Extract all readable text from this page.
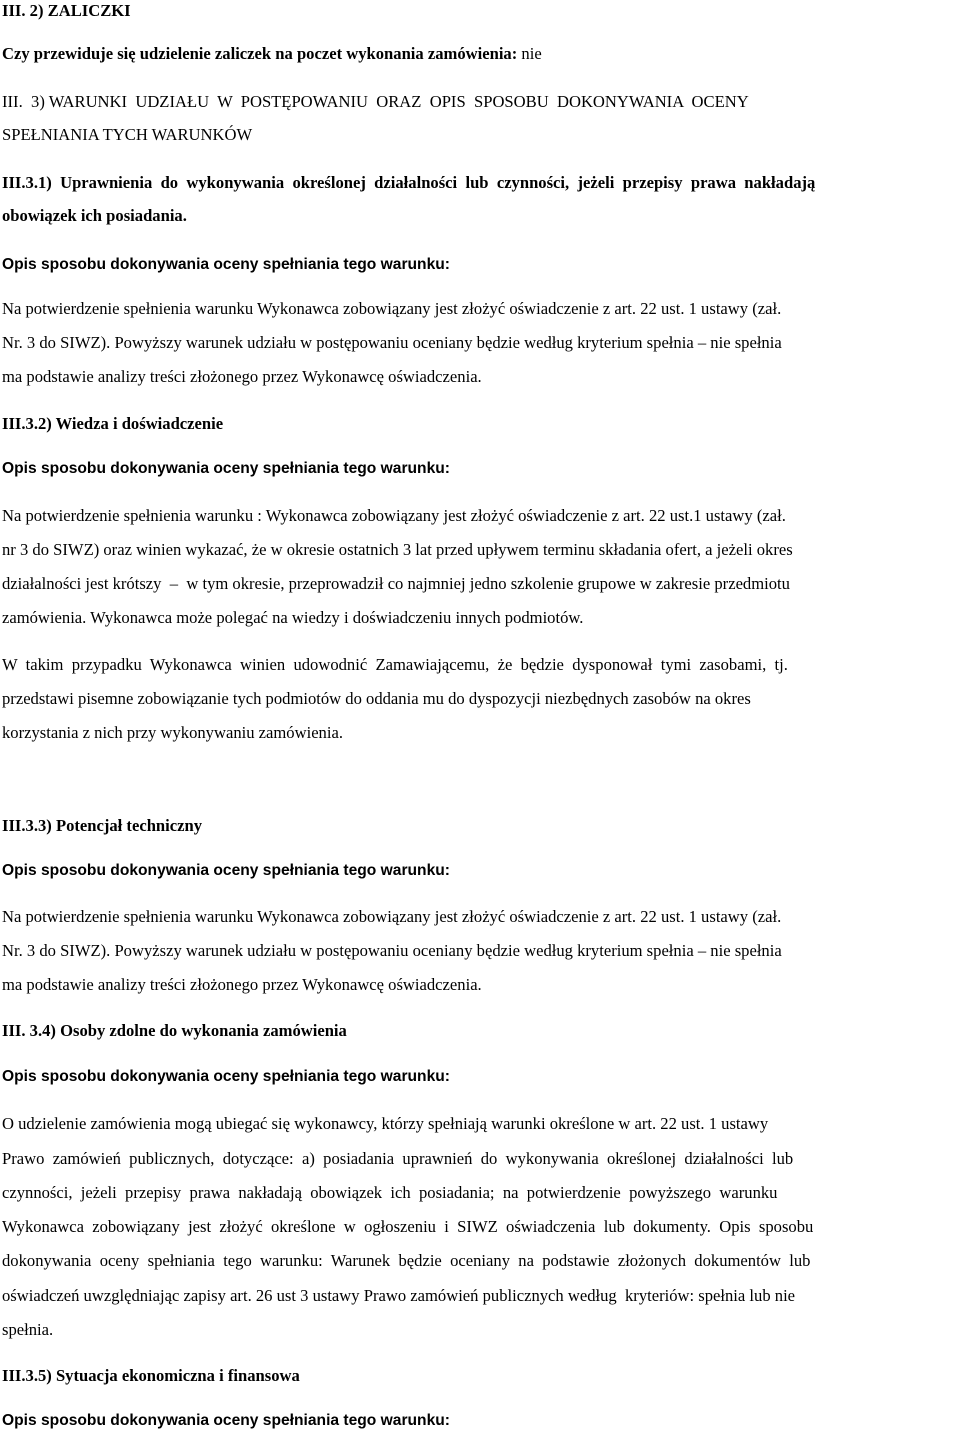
III. 2) ZALICZKI
Czy przewiduje się udzielenie zaliczek na poczet wykonania zamówienia: nie
III.  3) WARUNKI  UDZIAŁU  W  POSTĘPOWANIU  ORAZ  OPIS  SPOSOBU  DOKONYWANIA  OCENY
SPEŁNIANIA TYCH WARUNKÓW
III.3.1)  Uprawnienia  do  wykonywania  określonej  działalności  lub  czynności,  jeżeli  przepisy  prawa  nakładają
obowiązek ich posiadania.
Opis sposobu dokonywania oceny spełniania tego warunku:
Na potwierdzenie spełnienia warunku Wykonawca zobowiązany jest złożyć oświadczenie z art. 22 ust. 1 ustawy (zał.
Nr. 3 do SIWZ). Powyższy warunek udziału w postępowaniu oceniany będzie według kryterium spełnia – nie spełnia
ma podstawie analizy treści złożonego przez Wykonawcę oświadczenia.
III.3.2) Wiedza i doświadczenie
Opis sposobu dokonywania oceny spełniania tego warunku:
Na potwierdzenie spełnienia warunku : Wykonawca zobowiązany jest złożyć oświadczenie z art. 22 ust.1 ustawy (zał.
nr 3 do SIWZ) oraz winien wykazać, że w okresie ostatnich 3 lat przed upływem terminu składania ofert, a jeżeli okres
działalności jest krótszy  –  w tym okresie, przeprowadził co najmniej jedno szkolenie grupowe w zakresie przedmiotu
zamówienia. Wykonawca może polegać na wiedzy i doświadczeniu innych podmiotów.
W  takim  przypadku  Wykonawca  winien  udowodnić  Zamawiającemu,  że  będzie  dysponował  tymi  zasobami,  tj.
przedstawi pisemne zobowiązanie tych podmiotów do oddania mu do dyspozycji niezbędnych zasobów na okres
korzystania z nich przy wykonywaniu zamówienia.
III.3.3) Potencjał techniczny
Opis sposobu dokonywania oceny spełniania tego warunku:
Na potwierdzenie spełnienia warunku Wykonawca zobowiązany jest złożyć oświadczenie z art. 22 ust. 1 ustawy (zał.
Nr. 3 do SIWZ). Powyższy warunek udziału w postępowaniu oceniany będzie według kryterium spełnia – nie spełnia
ma podstawie analizy treści złożonego przez Wykonawcę oświadczenia.
III. 3.4) Osoby zdolne do wykonania zamówienia
Opis sposobu dokonywania oceny spełniania tego warunku:
O udzielenie zamówienia mogą ubiegać się wykonawcy, którzy spełniają warunki określone w art. 22 ust. 1 ustawy
Prawo  zamówień  publicznych,  dotyczące:  a)  posiadania  uprawnień  do  wykonywania  określonej  działalności  lub
czynności,  jeżeli  przepisy  prawa  nakładają  obowiązek  ich  posiadania;  na  potwierdzenie  powyższego  warunku
Wykonawca  zobowiązany  jest  złożyć  określone  w  ogłoszeniu  i  SIWZ  oświadczenia  lub  dokumenty.  Opis  sposobu
dokonywania  oceny  spełniania  tego  warunku:  Warunek  będzie  oceniany  na  podstawie  złożonych  dokumentów  lub
oświadczeń uwzględniając zapisy art. 26 ust 3 ustawy Prawo zamówień publicznych według  kryteriów: spełnia lub nie
spełnia.
III.3.5) Sytuacja ekonomiczna i finansowa
Opis sposobu dokonywania oceny spełniania tego warunku:
